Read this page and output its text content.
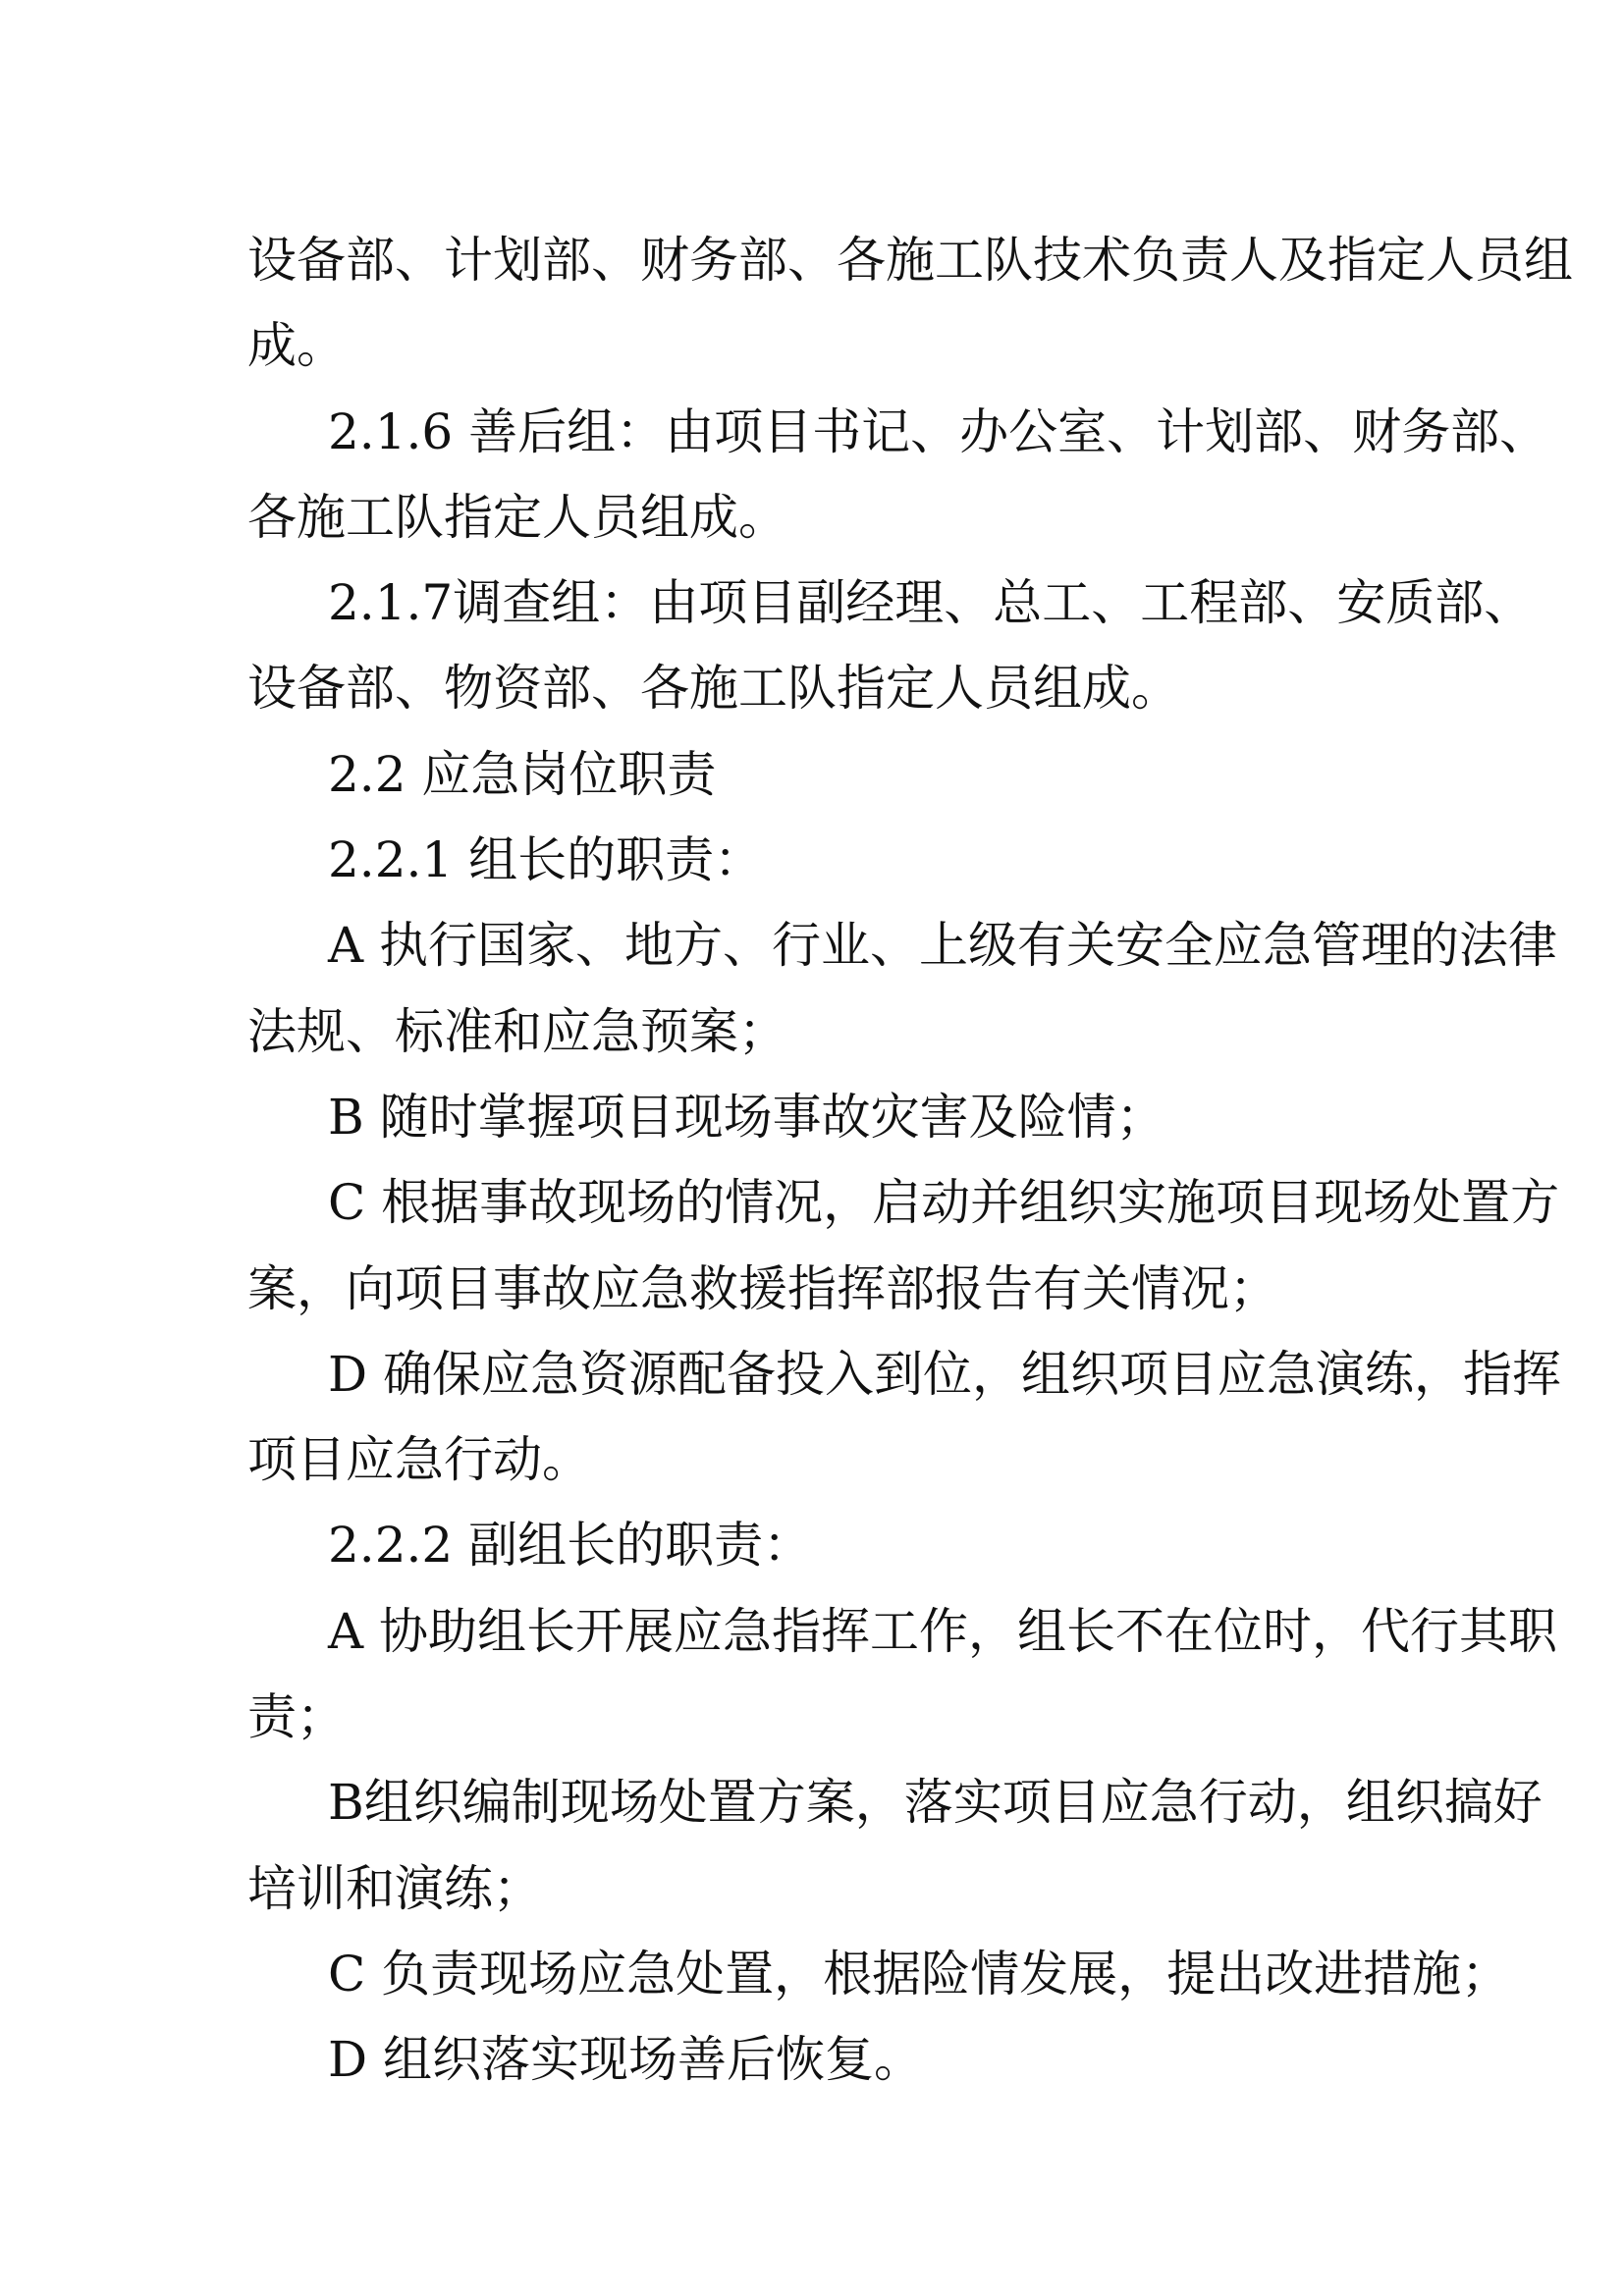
设备部、计划部、财务部、各施工队技术负责人及指定人员组
成。
2.1.6 善后组：由项目书记、办公室、计划部、财务部、
各施工队指定人员组成。
2.1.7调查组：由项目副经理、总工、工程部、安质部、
设备部、物资部、各施工队指定人员组成。
2.2 应急岗位职责
2.2.1 组长的职责：
A 执行国家、地方、行业、上级有关安全应急管理的法律
法规、标准和应急预案；
B 随时掌握项目现场事故灾害及险情；
C 根据事故现场的情况，启动并组织实施项目现场处置方
案，向项目事故应急救援指挥部报告有关情况；
D 确保应急资源配备投入到位，组织项目应急演练，指挥
项目应急行动。
2.2.2 副组长的职责：
A 协助组长开展应急指挥工作，组长不在位时，代行其职
责；
B组织编制现场处置方案，落实项目应急行动，组织搞好
培训和演练；
C 负责现场应急处置，根据险情发展，提出改进措施；
D 组织落实现场善后恢复。
